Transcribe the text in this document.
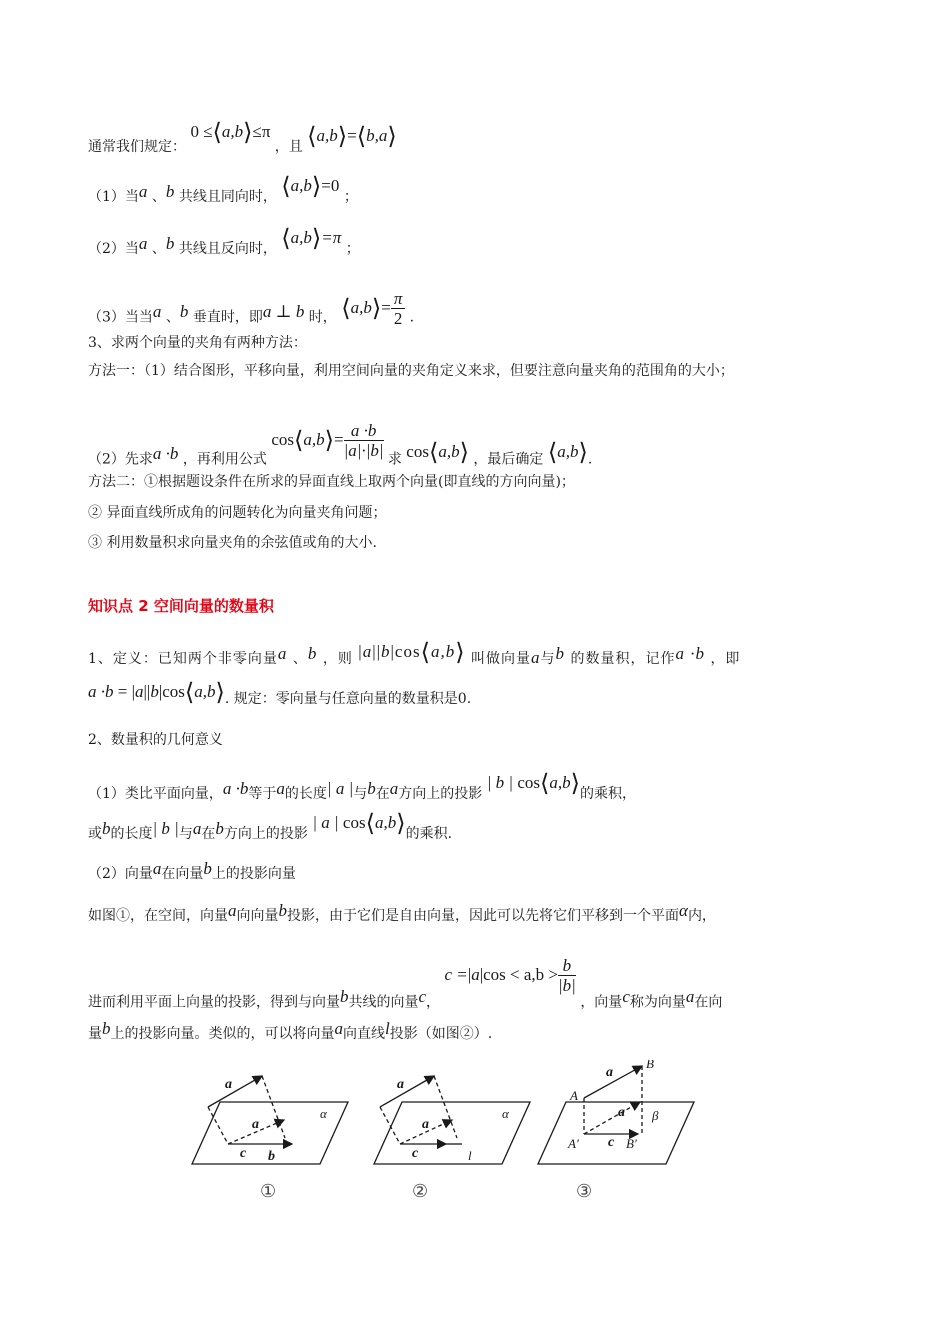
通常我们规定： 0 ≤⟨a,b⟩≤π ，且 ⟨a,b⟩=⟨b,a⟩
（1）当a 、b 共线且同向时， ⟨a,b⟩=0 ；
（2）当a 、b 共线且反向时， ⟨a,b⟩=π ；
（3）当当a 、b 垂直时，即a ⊥ b 时， ⟨a,b⟩= $\frac{\pi}{2}$ .
3、求两个向量的夹角有两种方法：
方法一：（1）结合图形，平移向量，利用空间向量的夹角定义来求，但要注意向量夹角的范围角的大小；
（2）先求a ·b ，再利用公式 cos⟨a,b⟩= $\frac{a \cdot b}{|a|\cdot|b|}$ 求 cos⟨a,b⟩ ，最后确定 ⟨a,b⟩.
方法二：①根据题设条件在所求的异面直线上取两个向量(即直线的方向向量)；
② 异面直线所成角的问题转化为向量夹角问题；
③ 利用数量积求向量夹角的余弦值或角的大小.
知识点 2 空间向量的数量积
1、定义：已知两个非零向量a 、b ，则 |a||b|cos⟨a,b⟩ 叫做向量a与b 的数量积，记作a ·b ，即
a ·b = |a||b|cos⟨a,b⟩. 规定：零向量与任意向量的数量积是0.
2、数量积的几何意义
（1）类比平面向量，a ·b等于a的长度| a |与b在a方向上的投影 | b | cos⟨a,b⟩的乘积，
或b的长度| b |与a在b方向上的投影 | a | cos⟨a,b⟩的乘积.
（2）向量a在向量b上的投影向量
如图①，在空间，向量a向向量b投影，由于它们是自由向量，因此可以先将它们平移到一个平面α内，
进而利用平面上向量的投影，得到与向量b共线的向量c， $c =|a|\cos < a,b > \frac{b}{|b|}$
，向量c称为向量a在向
量b上的投影向量。类似的，可以将向量a向直线l投影（如图②）.
a
a
c b
α
①
a
a
c
α
l
②
a
A
B
a
c
A′	B′
β
③
